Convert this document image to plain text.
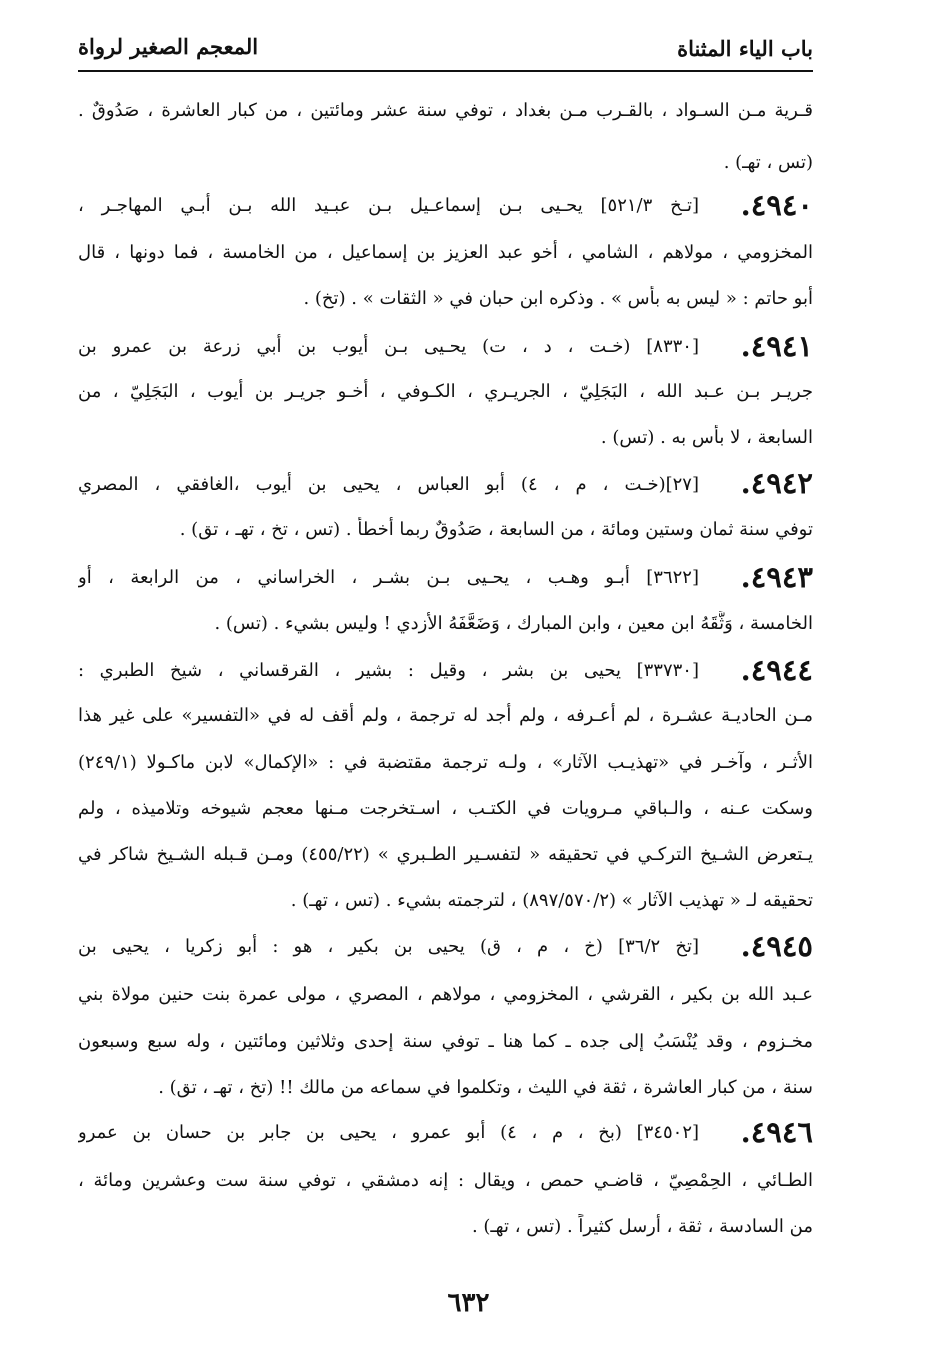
باب الياء المثناة
المعجم الصغير لرواة
قـرية مـن السـواد ، بالقـرب مـن بغداد ، توفي سنة عشر ومائتين ، من كبار العاشرة ، صَدُوقٌ .
(تس ، تهـ) .
٤٩٤٠.
[تـخ ٥٢١/٣] يحـيى بـن إسماعـيل بـن عبـيد الله بـن أبـي المهاجـر ،
المخزومي ، مولاهم ، الشامي ، أخو عبد العزيز بن إسماعيل ، من الخامسة ، فما دونها ، قال
أبو حاتم : « ليس به بأس » . وذكره ابن حبان في « الثقات » . (تخ) .
٤٩٤١.
[٨٣٣٠] (خـت ، د ، ت) يحـيى بـن أيوب بن أبي زرعة بن عمرو بن
جريـر بـن عـبد الله ، البَجَلِيّ ، الجريـري ، الكـوفي ، أخـو جريـر بن أيوب ، البَجَلِيّ ، من
السابعة ، لا بأس به . (تس) .
٤٩٤٢.
[٢٧](خـت ، م ، ٤) أبو العباس ، يحيى بن أيوب ،الغافقي ، المصري
توفي سنة ثمان وستين ومائة ، من السابعة ، صَدُوقٌ ربما أخطأ . (تس ، تخ ، تهـ ، تق) .
٤٩٤٣.
[٣٦٢٢] أبـو وهـب ، يحـيى بـن بشـر ، الخراساني ، من الرابعة ، أو
الخامسة ، وَثَّقَهُ ابن معين ، وابن المبارك ، وَضَعَّفَهُ الأزدي ! وليس بشيء . (تس) .
٤٩٤٤.
[٣٣٧٣٠] يحيى بن بشر ، وقيل : بشير ، القرقساني ، شيخ الطبري :
مـن الحاديـة عشـرة ، لم أعـرفه ، ولم أجد له ترجمة ، ولم أقف له في «التفسير» على غير هذا
الأثـر ، وآخـر في «تهذيـب الآثار» ، ولـه ترجمة مقتضبة في : «الإكمال» لابن ماكـولا (٢٤٩/١)
وسكت عـنه ، والـباقي مـرويات في الكتـب ، اسـتخرجت مـنها معجم شيوخه وتلاميذه ، ولم
يـتعرض الشـيخ التركـي في تحقيقه « لتفسـير الطـبري » (٤٥٥/٢٢) ومـن قـبله الشـيخ شاكر في
تحقيقه لـ « تهذيب الآثار » (٨٩٧/٥٧٠/٢) ، لترجمته بشيء . (تس ، تهـ) .
٤٩٤٥.
[تخ ٣٦/٢] (خ ، م ، ق) يحيى بن بكير ، هو : أبو زكريا ، يحيى بن
عـبد الله بن بكير ، القرشي ، المخزومي ، مولاهم ، المصري ، مولى عمرة بنت حنين مولاة بني
مخـزوم ، وقد يُنْسَبُ إلى جده ـ كما هنا ـ توفي سنة إحدى وثلاثين ومائتين ، وله سبع وسبعون
سنة ، من كبار العاشرة ، ثقة في الليث ، وتكلموا في سماعه من مالك !! (تخ ، تهـ ، تق) .
٤٩٤٦.
[٣٤٥٠٢] (بخ ، م ، ٤) أبو عمرو ، يحيى بن جابر بن حسان بن عمرو
الطـائي ، الحِمْصِيّ ، قاضـي حمص ، ويقال : إنه دمشقي ، توفي سنة ست وعشرين ومائة ،
من السادسة ، ثقة ، أرسل كثيراً . (تس ، تهـ) .
٦٣٢
